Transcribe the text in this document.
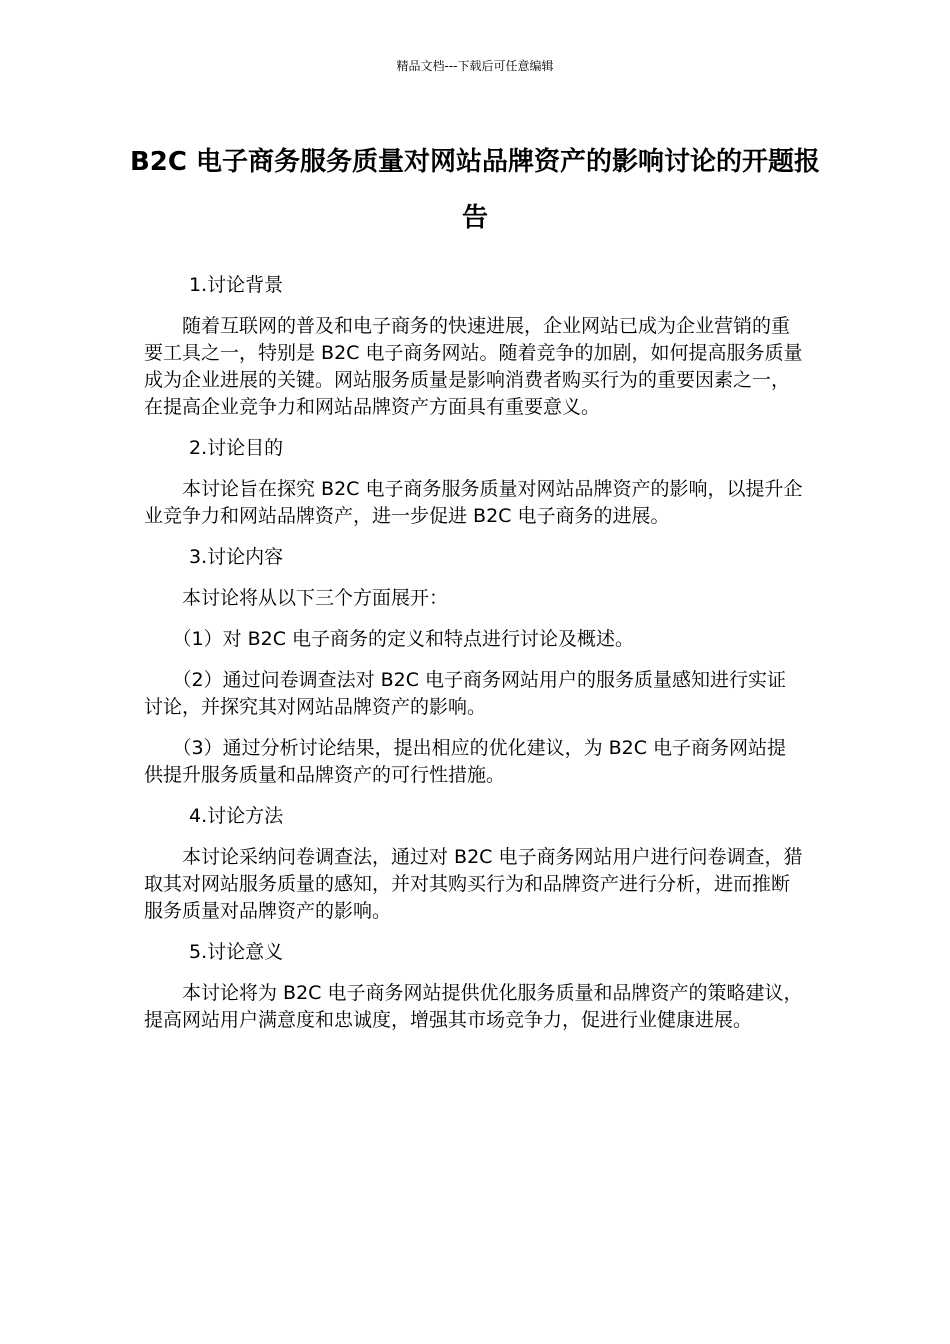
精品文档---下载后可任意编辑
B2C 电子商务服务质量对网站品牌资产的影响讨论的开题报告
1.讨论背景
随着互联网的普及和电子商务的快速进展，企业网站已成为企业营销的重要工具之一，特别是 B2C 电子商务网站。随着竞争的加剧，如何提高服务质量成为企业进展的关键。网站服务质量是影响消费者购买行为的重要因素之一，在提高企业竞争力和网站品牌资产方面具有重要意义。
2.讨论目的
本讨论旨在探究 B2C 电子商务服务质量对网站品牌资产的影响，以提升企业竞争力和网站品牌资产，进一步促进 B2C 电子商务的进展。
3.讨论内容
本讨论将从以下三个方面展开：
（1）对 B2C 电子商务的定义和特点进行讨论及概述。
（2）通过问卷调查法对 B2C 电子商务网站用户的服务质量感知进行实证讨论，并探究其对网站品牌资产的影响。
（3）通过分析讨论结果，提出相应的优化建议，为 B2C 电子商务网站提供提升服务质量和品牌资产的可行性措施。
4.讨论方法
本讨论采纳问卷调查法，通过对 B2C 电子商务网站用户进行问卷调查，猎取其对网站服务质量的感知，并对其购买行为和品牌资产进行分析，进而推断服务质量对品牌资产的影响。
5.讨论意义
本讨论将为 B2C 电子商务网站提供优化服务质量和品牌资产的策略建议，提高网站用户满意度和忠诚度，增强其市场竞争力，促进行业健康进展。
